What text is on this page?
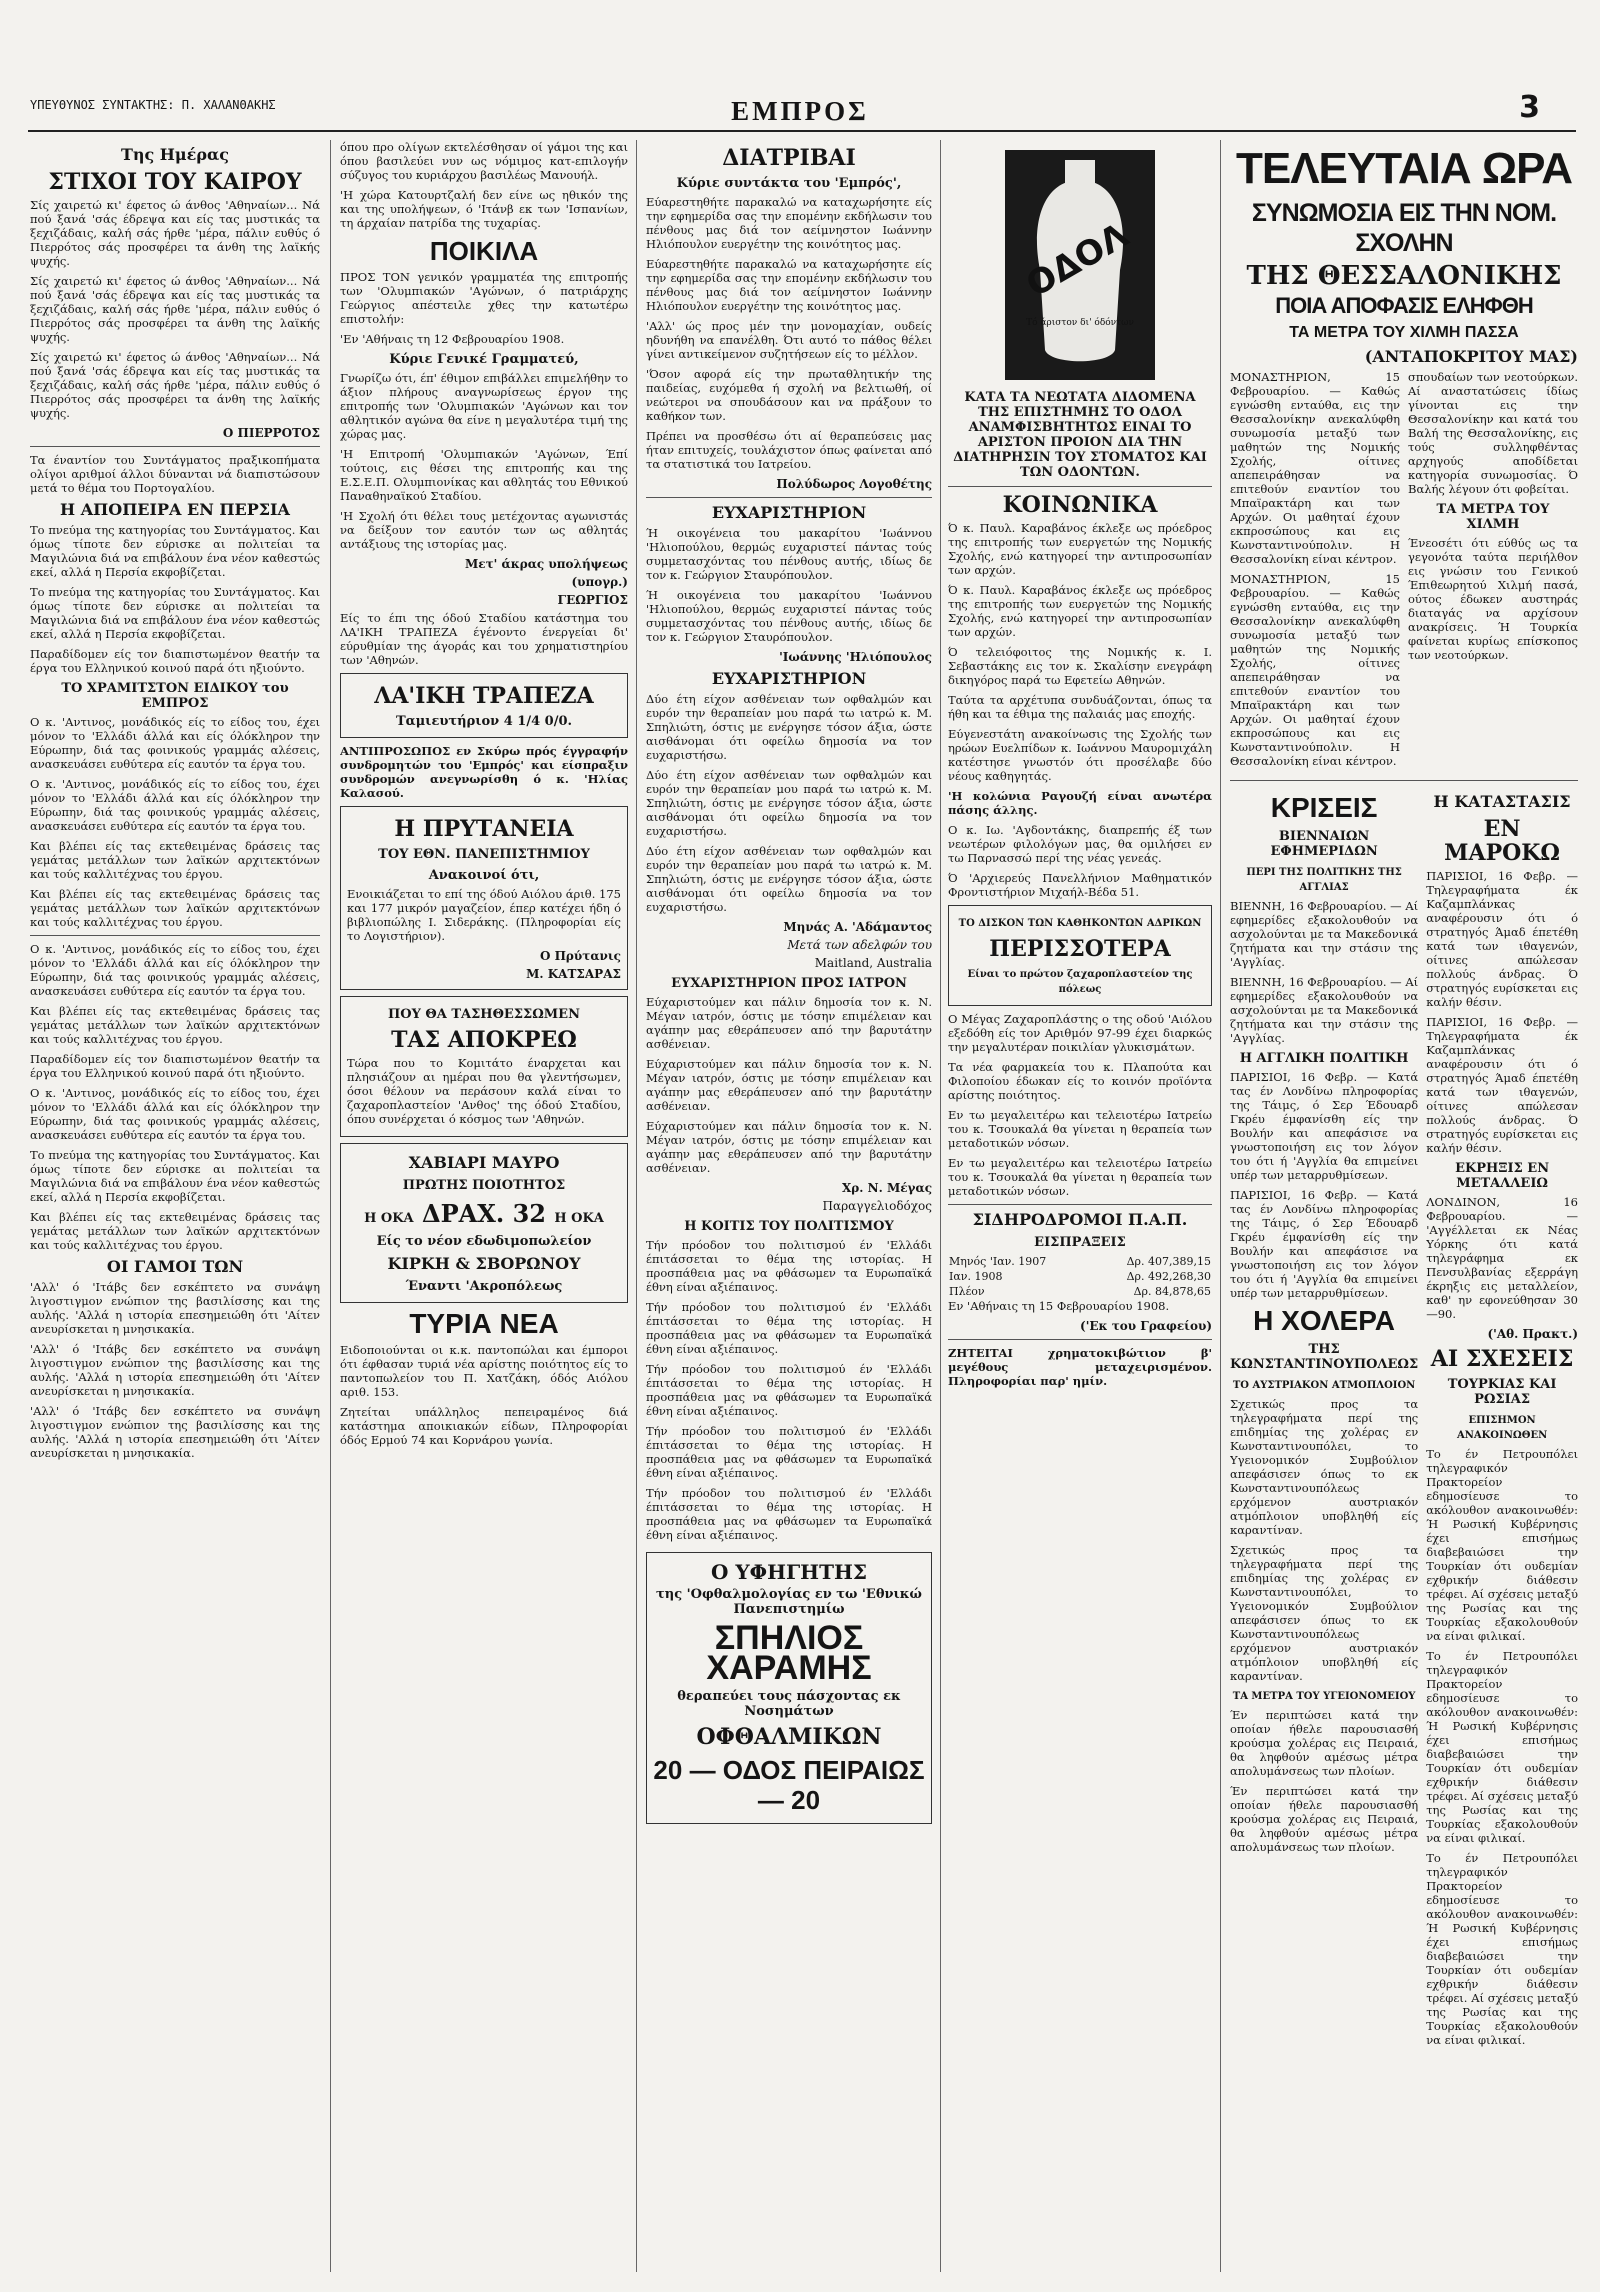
ΥΠΕΥΘΥΝΟΣ ΣΥΝΤΑΚΤΗΣ: Π. ΧΑΛΑΝΘΑΚΗΣ	ΕΜΠΡΟΣ	3
Της Ημέρας
ΣΤΙΧΟΙ ΤΟΥ ΚΑΙΡΟΥ

Σίς χαιρετώ κι' έφετος ώ άνθος 'Αθηναίων... Νά πού ξανά 'σάς έδρεψα και είς τας μυστικάς τα ξεχιζάδαις, καλή σάς ήρθε 'μέρα, πάλιν ευθύς ό Πιερρότος σάς προσφέρει τα άνθη της λαϊκής ψυχής.

Σίς χαιρετώ κι' έφετος ώ άνθος 'Αθηναίων... Νά πού ξανά 'σάς έδρεψα και είς τας μυστικάς τα ξεχιζάδαις, καλή σάς ήρθε 'μέρα, πάλιν ευθύς ό Πιερρότος σάς προσφέρει τα άνθη της λαϊκής ψυχής.

Σίς χαιρετώ κι' έφετος ώ άνθος 'Αθηναίων... Νά πού ξανά 'σάς έδρεψα και είς τας μυστικάς τα ξεχιζάδαις, καλή σάς ήρθε 'μέρα, πάλιν ευθύς ό Πιερρότος σάς προσφέρει τα άνθη της λαϊκής ψυχής.

Ο ΠΙΕΡΡΟΤΟΣ

Τα έναντίον του Συντάγματος πραξικοπήματα ολίγοι αριθμοί άλλοι δύνανται νά διαπιστώσουν μετά το θέμα του Πορτογαλίου.

Η ΑΠΟΠΕΙΡΑ ΕΝ ΠΕΡΣΙΑ

Το πνεύμα της κατηγορίας του Συντάγματος. Και όμως τίποτε δεν εύρισκε αι πολιτείαι τα Μαγιλώνια διά να επιβάλουν ένα νέον καθεστώς εκεί, αλλά η Περσία εκφοβίζεται.

Το πνεύμα της κατηγορίας του Συντάγματος. Και όμως τίποτε δεν εύρισκε αι πολιτείαι τα Μαγιλώνια διά να επιβάλουν ένα νέον καθεστώς εκεί, αλλά η Περσία εκφοβίζεται.

Παραδίδομεν είς τον διαπιστωμένον θεατήν τα έργα του Ελληνικού κοινού παρά ότι ηξιούντο.

ΤΟ ΧΡΑΜΙΤΣΤΟΝ ΕΙΔΙΚΟΥ του ΕΜΠΡΟΣ

Ο κ. 'Αντινος, μονάδικός είς το είδος του, έχει μόνον το 'Ελλάδι άλλά και είς όλόκληρον την Εύρωπην, διά τας φοινικούς γραμμάς αλέσεις, ανασκευάσει ευθύτερα είς εαυτόν τα έργα του.

Ο κ. 'Αντινος, μονάδικός είς το είδος του, έχει μόνον το 'Ελλάδι άλλά και είς όλόκληρον την Εύρωπην, διά τας φοινικούς γραμμάς αλέσεις, ανασκευάσει ευθύτερα είς εαυτόν τα έργα του.

Και βλέπει είς τας εκτεθειμένας δράσεις τας γεμάτας μετάλλων των λαϊκών αρχιτεκτόνων και τούς καλλιτέχνας του έργου.

Και βλέπει είς τας εκτεθειμένας δράσεις τας γεμάτας μετάλλων των λαϊκών αρχιτεκτόνων και τούς καλλιτέχνας του έργου.

Ο κ. 'Αντινος, μονάδικός είς το είδος του, έχει μόνον το 'Ελλάδι άλλά και είς όλόκληρον την Εύρωπην, διά τας φοινικούς γραμμάς αλέσεις, ανασκευάσει ευθύτερα είς εαυτόν τα έργα του.

Και βλέπει είς τας εκτεθειμένας δράσεις τας γεμάτας μετάλλων των λαϊκών αρχιτεκτόνων και τούς καλλιτέχνας του έργου.

Παραδίδομεν είς τον διαπιστωμένον θεατήν τα έργα του Ελληνικού κοινού παρά ότι ηξιούντο.

Ο κ. 'Αντινος, μονάδικός είς το είδος του, έχει μόνον το 'Ελλάδι άλλά και είς όλόκληρον την Εύρωπην, διά τας φοινικούς γραμμάς αλέσεις, ανασκευάσει ευθύτερα είς εαυτόν τα έργα του.

Το πνεύμα της κατηγορίας του Συντάγματος. Και όμως τίποτε δεν εύρισκε αι πολιτείαι τα Μαγιλώνια διά να επιβάλουν ένα νέον καθεστώς εκεί, αλλά η Περσία εκφοβίζεται.

Και βλέπει είς τας εκτεθειμένας δράσεις τας γεμάτας μετάλλων των λαϊκών αρχιτεκτόνων και τούς καλλιτέχνας του έργου.

ΟΙ ΓΑΜΟΙ ΤΩΝ

'Αλλ' ό 'Ιτάβς δεν εσκέπτετο να συνάψη λιγοστιγμον ενώπιον της βασιλίσσης και της αυλής. 'Αλλά η ιστορία επεσημειώθη ότι 'Αίτεν ανευρίσκεται η μνησικακία.

'Αλλ' ό 'Ιτάβς δεν εσκέπτετο να συνάψη λιγοστιγμον ενώπιον της βασιλίσσης και της αυλής. 'Αλλά η ιστορία επεσημειώθη ότι 'Αίτεν ανευρίσκεται η μνησικακία.

'Αλλ' ό 'Ιτάβς δεν εσκέπτετο να συνάψη λιγοστιγμον ενώπιον της βασιλίσσης και της αυλής. 'Αλλά η ιστορία επεσημειώθη ότι 'Αίτεν ανευρίσκεται η μνησικακία.

όπου προ ολίγων εκτελέσθησαν οί γάμοι της και όπου βασιλεύει νυν ως νόμιμος κατ-επιλογήν σύζυγος του κυριάρχου βασιλέως Μανουήλ.

'Η χώρα Κατουρτζαλή δεν είνε ως ηθικόν της και της υπολήψεων, ό 'Ιτάνβ εκ των 'Ισπανίων, τη άρχαίαν πατρίδα της τυχαρίας.

ΠΟΙΚΙΛΑ

ΠΡΟΣ ΤΟΝ γενικόν γραμματέα της επιτροπής των 'Ολυμπιακών 'Αγώνων, ό πατριάρχης Γεώργιος απέστειλε χθες την κατωτέρω επιστολήν:

'Εν 'Αθήναις τη 12 Φεβρουαρίου 1908.

Κύριε Γενικέ Γραμματεύ,

Γνωρίζω ότι, έπ' έθιμον επιβάλλει επιμελήθην το άξιον πλήρους αναγνωρίσεως έργον της επιτροπής των 'Ολυμπιακών 'Αγώνων και τον αθλητικόν αγώνα θα είνε η μεγαλυτέρα τιμή της χώρας μας.

'Η Επιτροπή 'Ολυμπιακών 'Αγώνων, Έπί τούτοις, εις θέσει της επιτροπής και της Ε.Σ.Ε.Π. Ολυμπιονίκας και αθλητάς του Εθνικού Παναθηναϊκού Σταδίου.

'Η Σχολή ότι θέλει τους μετέχοντας αγωνιστάς να δείξουν τον εαυτόν των ως αθλητάς αντάξιους της ιστορίας μας.

Μετ' άκρας υπολήψεως
(υπογρ.)
ΓΕΩΡΓΙΟΣ

Είς το έπι της όδού Σταδίου κατάστημα του ΛΑ'ΙΚΗ ΤΡΑΠΕΖΑ έγένοντο ένεργείαι δι' εύρυθμίαν της άγοράς και του χρηματιστηρίου των 'Αθηνών.

ΛΑ'ΙΚΗ ΤΡΑΠΕΖΑ
Ταμιευτήριον 4 1/4 0/0.

ΑΝΤΙΠΡΟΣΩΠΟΣ εν Σκύρω πρός έγγραφήν συνδρομητών του 'Εμπρός' και είσπραξιν συνδρομών ανεγνωρίσθη ό κ. 'Ηλίας Καλασού.

Η ΠΡΥΤΑΝΕΙΑ
ΤΟΥ ΕΘΝ. ΠΑΝΕΠΙΣΤΗΜΙΟΥ
Ανακοινοί ότι,

Ενοικιάζεται το επί της όδού Αιόλου άριθ. 175 και 177 μικρόν μαγαζείον, έπερ κατέχει ήδη ό βιβλιοπώλης Ι. Σιδεράκης. (Πληροφορίαι είς το Λογιστήριον).

Ο Πρύτανις
Μ. ΚΑΤΣΑΡΑΣ
ΠΟΥ ΘΑ ΤΑΣΗΘΕΣΣΩΜΕΝ
ΤΑΣ ΑΠΟΚΡΕΩ

Τώρα που το Κομιτάτο έναρχεται και πλησιάζουν αι ημέραι που θα γλεντήσωμεν, όσοι θέλουν να περάσουν καλά είναι το ζαχαροπλαστείον 'Ανθος' της όδού Σταδίου, όπου συνέρχεται ό κόσμος των 'Αθηνών.

ΧΑΒΙΑΡΙ ΜΑΥΡΟ
ΠΡΩΤΗΣ ΠΟΙΟΤΗΤΟΣ
Η ΟΚΑ ΔΡΑΧ. 32 Η ΟΚΑ
Είς το νέον εδωδιμοπωλείον
ΚΙΡΚΗ & ΣΒΟΡΩΝΟΥ
Έναντι 'Ακροπόλεως
ΤΥΡΙΑ ΝΕΑ

Ειδοποιούνται οι κ.κ. παντοπώλαι και έμποροι ότι έφθασαν τυριά νέα αρίστης ποιότητος είς το παντοπωλείον του Π. Χατζάκη, όδός Αιόλου αριθ. 153.

Ζητείται υπάλληλος πεπειραμένος διά κατάστημα αποικιακών είδων, Πληροφορίαι όδός Ερμού 74 και Κορνάρου γωνία.

ΔΙΑΤΡΙΒΑΙ
Κύριε συντάκτα του 'Εμπρός',

Εύαρεστηθήτε παρακαλώ να καταχωρήσητε είς την εφημερίδα σας την επομένην εκδήλωσιν του πένθους μας διά τον αείμνηστον Ιωάννην Ηλιόπουλον ευεργέτην της κοινότητος μας.

Εύαρεστηθήτε παρακαλώ να καταχωρήσητε είς την εφημερίδα σας την επομένην εκδήλωσιν του πένθους μας διά τον αείμνηστον Ιωάννην Ηλιόπουλον ευεργέτην της κοινότητος μας.

'Αλλ' ώς προς μέν την μονομαχίαν, ουδείς ηδυνήθη να επανέλθη. Ότι αυτό το πάθος θέλει γίνει αντικείμενον συζητήσεων είς το μέλλον.

'Όσον αφορά είς την πρωταθλητικήν της παιδείας, ευχόμεθα ή σχολή να βελτιωθή, οί νεώτεροι να σπουδάσουν και να πράξουν το καθήκον των.

Πρέπει να προσθέσω ότι αί θεραπεύσεις μας ήταν επιτυχείς, τουλάχιστον όπως φαίνεται από τα στατιστικά του Ιατρείου.

Πολύδωρος Λογοθέτης
ΕΥΧΑΡΙΣΤΗΡΙΟΝ

Ή οικογένεια του μακαρίτου 'Ιωάννου 'Ηλιοπούλου, θερμώς ευχαριστεί πάντας τούς συμμετασχόντας του πένθους αυτής, ιδίως δε τον κ. Γεώργιον Σταυρόπουλον.

Ή οικογένεια του μακαρίτου 'Ιωάννου 'Ηλιοπούλου, θερμώς ευχαριστεί πάντας τούς συμμετασχόντας του πένθους αυτής, ιδίως δε τον κ. Γεώργιον Σταυρόπουλον.

'Ιωάννης 'Ηλιόπουλος
ΕΥΧΑΡΙΣΤΗΡΙΟΝ

Δύο έτη είχον ασθένειαν των οφθαλμών και ευρόν την θεραπείαν μου παρά τω ιατρώ κ. Μ. Σπηλιώτη, όστις με ενέργησε τόσον άξια, ώστε αισθάνομαι ότι οφείλω δημοσία να τον ευχαριστήσω.

Δύο έτη είχον ασθένειαν των οφθαλμών και ευρόν την θεραπείαν μου παρά τω ιατρώ κ. Μ. Σπηλιώτη, όστις με ενέργησε τόσον άξια, ώστε αισθάνομαι ότι οφείλω δημοσία να τον ευχαριστήσω.

Δύο έτη είχον ασθένειαν των οφθαλμών και ευρόν την θεραπείαν μου παρά τω ιατρώ κ. Μ. Σπηλιώτη, όστις με ενέργησε τόσον άξια, ώστε αισθάνομαι ότι οφείλω δημοσία να τον ευχαριστήσω.

Μηνάς Α. 'Αδάμαντος
Μετά των αδελφών του
Maitland, Australia
ΕΥΧΑΡΙΣΤΗΡΙΟΝ ΠΡΟΣ ΙΑΤΡΟΝ

Εύχαριστούμεν και πάλιν δημοσία τον κ. Ν. Μέγαν ιατρόν, όστις με τόσην επιμέλειαν και αγάπην μας εθεράπευσεν από την βαρυτάτην ασθένειαν.

Εύχαριστούμεν και πάλιν δημοσία τον κ. Ν. Μέγαν ιατρόν, όστις με τόσην επιμέλειαν και αγάπην μας εθεράπευσεν από την βαρυτάτην ασθένειαν.

Εύχαριστούμεν και πάλιν δημοσία τον κ. Ν. Μέγαν ιατρόν, όστις με τόσην επιμέλειαν και αγάπην μας εθεράπευσεν από την βαρυτάτην ασθένειαν.

Χρ. Ν. Μέγας
Παραγγελιοδόχος
Η ΚΟΙΤΙΣ ΤΟΥ ΠΟΛΙΤΙΣΜΟΥ

Τήν πρόοδον του πολιτισμού έν 'Ελλάδι έπιτάσσεται το θέμα της ιστορίας. Η προσπάθεια μας να φθάσωμεν τα Ευρωπαϊκά έθνη είναι αξιέπαινος.

Τήν πρόοδον του πολιτισμού έν 'Ελλάδι έπιτάσσεται το θέμα της ιστορίας. Η προσπάθεια μας να φθάσωμεν τα Ευρωπαϊκά έθνη είναι αξιέπαινος.

Τήν πρόοδον του πολιτισμού έν 'Ελλάδι έπιτάσσεται το θέμα της ιστορίας. Η προσπάθεια μας να φθάσωμεν τα Ευρωπαϊκά έθνη είναι αξιέπαινος.

Τήν πρόοδον του πολιτισμού έν 'Ελλάδι έπιτάσσεται το θέμα της ιστορίας. Η προσπάθεια μας να φθάσωμεν τα Ευρωπαϊκά έθνη είναι αξιέπαινος.

Τήν πρόοδον του πολιτισμού έν 'Ελλάδι έπιτάσσεται το θέμα της ιστορίας. Η προσπάθεια μας να φθάσωμεν τα Ευρωπαϊκά έθνη είναι αξιέπαινος.

Ο ΥΦΗΓΗΤΗΣ
της 'Οφθαλμολογίας εν τω 'Εθνικώ Πανεπιστημίω
ΣΠΗΛΙΟΣ ΧΑΡΑΜΗΣ
θεραπεύει τους πάσχοντας εκ Νοσημάτων
ΟΦΘΑΛΜΙΚΩΝ
20 — ΟΔΟΣ ΠΕΙΡΑΙΩΣ — 20
ΟΔΟΛ
Τό άριστον δι' όδόντων
ΚΑΤΑ ΤΑ ΝΕΩΤΑΤΑ ΔΙΔΟΜΕΝΑ ΤΗΣ ΕΠΙΣΤΗΜΗΣ ΤΟ ΟΔΟΛ ΑΝΑΜΦΙΣΒΗΤΗΤΩΣ ΕΙΝΑΙ ΤΟ ΑΡΙΣΤΟΝ ΠΡΟΙΟΝ ΔΙΑ ΤΗΝ ΔΙΑΤΗΡΗΣΙΝ ΤΟΥ ΣΤΟΜΑΤΟΣ ΚΑΙ ΤΩΝ ΟΔΟΝΤΩΝ.
ΚΟΙΝΩΝΙΚΑ

Ό κ. Παυλ. Καραβάνος έκλεξε ως πρόεδρος της επιτροπής των ευεργετών της Νομικής Σχολής, ενώ κατηγορεί την αντιπροσωπίαν των αρχών.

Ό κ. Παυλ. Καραβάνος έκλεξε ως πρόεδρος της επιτροπής των ευεργετών της Νομικής Σχολής, ενώ κατηγορεί την αντιπροσωπίαν των αρχών.

Ό τελειόφοιτος της Νομικής κ. Ι. Σεβαστάκης εις τον κ. Σκαλίσην ενεγράφη δικηγόρος παρά τω Εφετείω Αθηνών.

Ταύτα τα αρχέτυπα συνδυάζονται, όπως τα ήθη και τα έθιμα της παλαιάς μας εποχής.

Εύγενεστάτη ανακοίνωσις της Σχολής των ηρώων Ευελπίδων κ. Ιωάννου Μαυρομιχάλη κατέστησε γνωστόν ότι προσέλαβε δύο νέους καθηγητάς.

'Η κολώνια Ραγουζή είναι ανωτέρα πάσης άλλης.

Ο κ. Ιω. 'Αγδοντάκης, διαπρεπής έξ των νεωτέρων φιλολόγων μας, θα ομιλήσει εν τω Παρνασσώ περί της νέας γενεάς.

Ό 'Αρχιερεύς Πανελλήνιον Μαθηματικόν Φροντιστήριον Μιχαήλ-Βέδα 51.

ΤΟ ΔΙΣΚΟΝ ΤΩΝ ΚΑΘΗΚΟΝΤΩΝ ΑΔΡΙΚΩΝ
ΠΕΡΙΣΣΟΤΕΡΑ
Είναι το πρώτον ζαχαροπλαστείον της πόλεως

Ο Μέγας Ζαχαροπλάστης ο της οδού 'Αιόλου εξεδόθη είς τον Αριθμόν 97-99 έχει διαρκώς την μεγαλυτέραν ποικιλίαν γλυκισμάτων.

Τα νέα φαρμακεία του κ. Πλαπούτα και Φιλοποίου έδωκαν είς το κοινόν προϊόντα αρίστης ποιότητος.

Εν τω μεγαλειτέρω και τελειοτέρω Ιατρείω του κ. Τσουκαλά θα γίνεται η θεραπεία των μεταδοτικών νόσων.

Εν τω μεγαλειτέρω και τελειοτέρω Ιατρείω του κ. Τσουκαλά θα γίνεται η θεραπεία των μεταδοτικών νόσων.

ΣΙΔΗΡΟΔΡΟΜΟΙ Π.Α.Π.
ΕΙΣΠΡΑΞΕΙΣ
Μηνός 'Ιαν. 1907	Δρ. 407,389,15
Ιαν. 1908	Δρ. 492,268,30
Πλέον	Δρ. 84,878,65

Εν 'Αθήναις τη 15 Φεβρουαρίου 1908.

('Εκ του Γραφείου)

ΖΗΤΕΙΤΑΙ χρηματοκιβώτιον β' μεγέθους μεταχειρισμένον. Πληροφορίαι παρ' ημίν.

ΤΕΛΕΥΤΑΙΑ ΩΡΑ
ΣΥΝΩΜΟΣΙΑ ΕΙΣ ΤΗΝ ΝΟΜ. ΣΧΟΛΗΝ
ΤΗΣ ΘΕΣΣΑΛΟΝΙΚΗΣ
ΠΟΙΑ ΑΠΟΦΑΣΙΣ ΕΛΗΦΘΗ
ΤΑ ΜΕΤΡΑ ΤΟΥ ΧΙΛΜΗ ΠΑΣΣΑ
(ΑΝΤΑΠΟΚΡΙΤΟΥ ΜΑΣ)

ΜΟΝΑΣΤΗΡΙΟΝ, 15 Φεβρουαρίου. — Καθώς εγνώσθη ενταύθα, εις την Θεσσαλονίκην ανεκαλύφθη συνωμοσία μεταξύ των μαθητών της Νομικής Σχολής, οίτινες απεπειράθησαν να επιτεθούν εναντίον του Μπαϊρακτάρη και των Αρχών. Οι μαθηταί έχουν εκπροσώπους και εις Κωνσταντινούπολιν. Η Θεσσαλονίκη είναι κέντρον.

ΜΟΝΑΣΤΗΡΙΟΝ, 15 Φεβρουαρίου. — Καθώς εγνώσθη ενταύθα, εις την Θεσσαλονίκην ανεκαλύφθη συνωμοσία μεταξύ των μαθητών της Νομικής Σχολής, οίτινες απεπειράθησαν να επιτεθούν εναντίον του Μπαϊρακτάρη και των Αρχών. Οι μαθηταί έχουν εκπροσώπους και εις Κωνσταντινούπολιν. Η Θεσσαλονίκη είναι κέντρον.

σπουδαίων των νεοτούρκων. Αί αναστατώσεις ίδίως γίνονται εις την Θεσσαλονίκην και κατά του Βαλή της Θεσσαλονίκης, εις τούς συλληφθέντας αρχηγούς αποδίδεται κατηγορία συνωμοσίας. Ό Βαλής λέγουν ότι φοβείται.

ΤΑ ΜΕΤΡΑ ΤΟΥ ΧΙΛΜΗ

Ένεοσέτι ότι εύθύς ως τα γεγονότα ταύτα περιήλθον εις γνώσιν του Γενικού Έπιθεωρητού Χιλμή πασά, ούτος έδωκεν αυστηράς διαταγάς να αρχίσουν ανακρίσεις. Ή Τουρκία φαίνεται κυρίως επίσκοπος των νεοτούρκων.

ΚΡΙΣΕΙΣ
ΒΙΕΝΝΑΙΩΝ ΕΦΗΜΕΡΙΔΩΝ
ΠΕΡΙ ΤΗΣ ΠΟΛΙΤΙΚΗΣ ΤΗΣ ΑΓΓΛΙΑΣ

ΒΙΕΝΝΗ, 16 Φεβρουαρίου. — Αί εφημερίδες εξακολουθούν να ασχολούνται με τα Μακεδονικά ζητήματα και την στάσιν της 'Αγγλίας.

ΒΙΕΝΝΗ, 16 Φεβρουαρίου. — Αί εφημερίδες εξακολουθούν να ασχολούνται με τα Μακεδονικά ζητήματα και την στάσιν της 'Αγγλίας.

Η ΑΓΓΛΙΚΗ ΠΟΛΙΤΙΚΗ

ΠΑΡΙΣΙΟΙ, 16 Φεβρ. — Κατά τας έν Λονδίνω πληροφορίας της Τάιμς, ό Σερ Έδουαρδ Γκρέυ έμφανίσθη είς την Βουλήν και απεφάσισε να γνωστοποιήση εις τον λόγον του ότι ή 'Αγγλία θα επιμείνει υπέρ των μεταρρυθμίσεων.

ΠΑΡΙΣΙΟΙ, 16 Φεβρ. — Κατά τας έν Λονδίνω πληροφορίας της Τάιμς, ό Σερ Έδουαρδ Γκρέυ έμφανίσθη είς την Βουλήν και απεφάσισε να γνωστοποιήση εις τον λόγον του ότι ή 'Αγγλία θα επιμείνει υπέρ των μεταρρυθμίσεων.

Η ΧΟΛΕΡΑ
ΤΗΣ ΚΩΝΣΤΑΝΤΙΝΟΥΠΟΛΕΩΣ
ΤΟ ΑΥΣΤΡΙΑΚΟΝ ΑΤΜΟΠΛΟΙΟΝ

Σχετικώς προς τα τηλεγραφήματα περί της επιδημίας της χολέρας εν Κωνσταντινουπόλει, το Υγειονομικόν Συμβούλιον απεφάσισεν όπως το εκ Κωνσταντινουπόλεως ερχόμενον αυστριακόν ατμόπλοιον υποβληθή είς καραντίναν.

Σχετικώς προς τα τηλεγραφήματα περί της επιδημίας της χολέρας εν Κωνσταντινουπόλει, το Υγειονομικόν Συμβούλιον απεφάσισεν όπως το εκ Κωνσταντινουπόλεως ερχόμενον αυστριακόν ατμόπλοιον υποβληθή είς καραντίναν.

ΤΑ ΜΕΤΡΑ ΤΟΥ ΥΓΕΙΟΝΟΜΕΙΟΥ

Έν περιπτώσει κατά την οποίαν ήθελε παρουσιασθή κρούσμα χολέρας εις Πειραιά, θα ληφθούν αμέσως μέτρα απολυμάνσεως των πλοίων.

Έν περιπτώσει κατά την οποίαν ήθελε παρουσιασθή κρούσμα χολέρας εις Πειραιά, θα ληφθούν αμέσως μέτρα απολυμάνσεως των πλοίων.

Η ΚΑΤΑΣΤΑΣΙΣ
ΕΝ ΜΑΡΟΚΩ

ΠΑΡΙΣΙΟΙ, 16 Φεβρ. — Τηλεγραφήματα έκ Καζαμπλάνκας αναφέρουσιν ότι ό στρατηγός Άμαδ έπετέθη κατά των ιθαγενών, οίτινες απώλεσαν πολλούς άνδρας. Ό στρατηγός ευρίσκεται εις καλήν θέσιν.

ΠΑΡΙΣΙΟΙ, 16 Φεβρ. — Τηλεγραφήματα έκ Καζαμπλάνκας αναφέρουσιν ότι ό στρατηγός Άμαδ έπετέθη κατά των ιθαγενών, οίτινες απώλεσαν πολλούς άνδρας. Ό στρατηγός ευρίσκεται εις καλήν θέσιν.

ΕΚΡΗΞΙΣ ΕΝ ΜΕΤΑΛΛΕΙΩ

ΛΟΝΔΙΝΟΝ, 16 Φεβρουαρίου. — 'Αγγέλλεται εκ Νέας Υόρκης ότι κατά τηλεγράφημα εκ Πενσυλβανίας εξερράγη έκρηξις εις μεταλλείον, καθ' ην εφονεύθησαν 30—90.

('Αθ. Πρακτ.)
ΑΙ ΣΧΕΣΕΙΣ
ΤΟΥΡΚΙΑΣ ΚΑΙ ΡΩΣΙΑΣ
ΕΠΙΣΗΜΟΝ ΑΝΑΚΟΙΝΩΘΕΝ

Το έν Πετρουπόλει τηλεγραφικόν Πρακτορείον εδημοσίευσε το ακόλουθον ανακοινωθέν: Ή Ρωσική Κυβέρνησις έχει επισήμως διαβεβαιώσει την Τουρκίαν ότι ουδεμίαν εχθρικήν διάθεσιν τρέφει. Αί σχέσεις μεταξύ της Ρωσίας και της Τουρκίας εξακολουθούν να είναι φιλικαί.

Το έν Πετρουπόλει τηλεγραφικόν Πρακτορείον εδημοσίευσε το ακόλουθον ανακοινωθέν: Ή Ρωσική Κυβέρνησις έχει επισήμως διαβεβαιώσει την Τουρκίαν ότι ουδεμίαν εχθρικήν διάθεσιν τρέφει. Αί σχέσεις μεταξύ της Ρωσίας και της Τουρκίας εξακολουθούν να είναι φιλικαί.

Το έν Πετρουπόλει τηλεγραφικόν Πρακτορείον εδημοσίευσε το ακόλουθον ανακοινωθέν: Ή Ρωσική Κυβέρνησις έχει επισήμως διαβεβαιώσει την Τουρκίαν ότι ουδεμίαν εχθρικήν διάθεσιν τρέφει. Αί σχέσεις μεταξύ της Ρωσίας και της Τουρκίας εξακολουθούν να είναι φιλικαί.
